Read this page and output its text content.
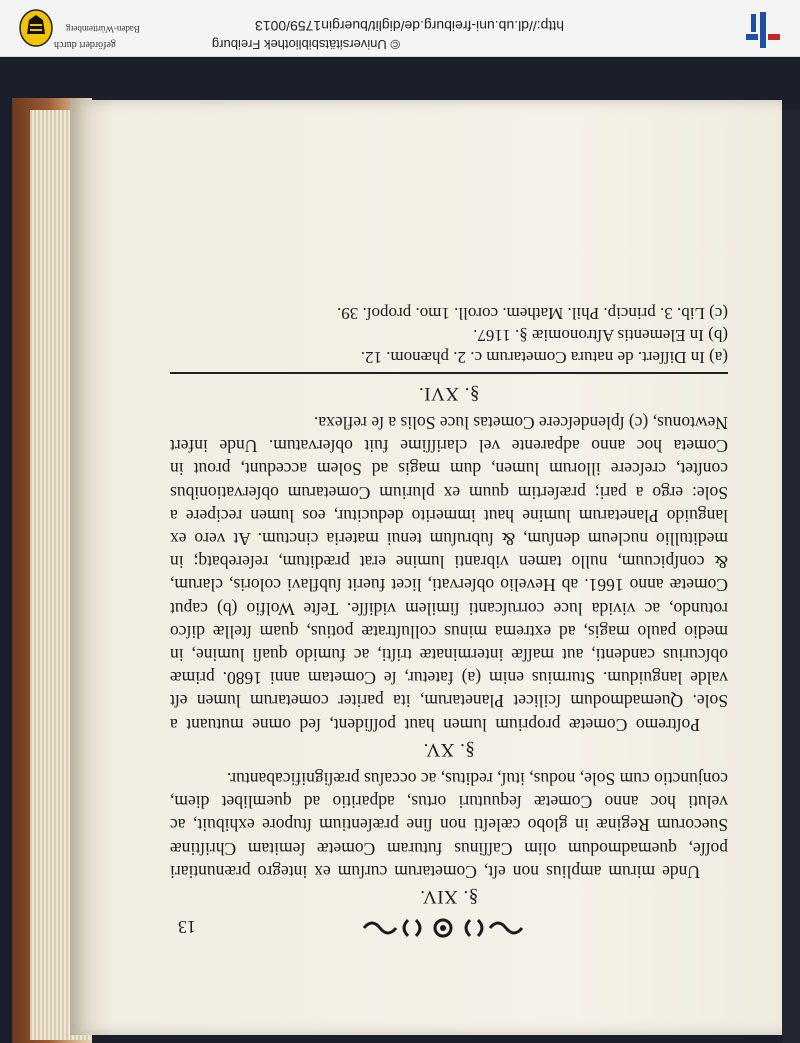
http://dl.ub.uni-freiburg.de/diglit/buergin1759/0013
© Universitätsbibliothek Freiburg
gefördert durch
Baden-Württemberg
13
§. XIV.

Unde mirum amplius non eſt, Cometarum curſum ex integro prænuntiari poſſe, quemadmodum olim Caſſinus futuram Cometæ ſemitam Chriſtinæ Suecorum Reginæ in globo cæleſti non ſine præſentium ſtupore exhibuit, ac veluti hoc anno Cometæ ſequuturi ortus, adparitio ad quemlibet diem, conjunctio cum Sole, nodus, ituſ, reditus, ac occaſus præſignificabantur.

§. XV.

Poſtremo Cometæ proprium lumen haut poſſident, ſed omne mutuant a Sole. Quemadmodum ſcilicet Planetarum, ita pariter cometarum lumen eſt valde languidum. Sturmius enim (a) fatetur, ſe Cometam anni 1680. primæ obſcurius candenti, aut maſſæ interminatæ triſti, ac fumido quaſi lumine, in medio paulo magis, ad extrema minus colluſtratæ potius, quam ſtellæ diſco rotundo, ac vivida luce corruſcanti ſimilem vidiſſe. Teſte Wolfio (b) caput Cometæ anno 1661. ab Hevelio obſervati, licet fuerit ſubflavi coloris, clarum, & conſpicuum, nullo tamen vibranti lumine erat præditum, reſerebatq; in meditullio nucleum denſum, & ſubruſum tenui materia cinctum. At vero ex languido Planetarum lumine haut immerito deducitur, eos lumen recipere a Sole: ergo a pari; præſertim quum ex plurium Cometarum obſervationibus conſtet, creſcere illorum lumen, dum magis ad Solem accedunt, prout in Cometa hoc anno adparente vel clariſſime fuit obſervatum. Unde infert Newtonus, (c) ſplendeſcere Cometas luce Solis a ſe reflexa.

§. XVI.

(a) In Diſſert. de natura Cometarum c. 2. phænom. 12.

(b) In Elementis Aſtronomiæ §. 1167.

(c) Lib. 3. princip. Phil. Mathem. coroll. 1mo. propoſ. 39.
